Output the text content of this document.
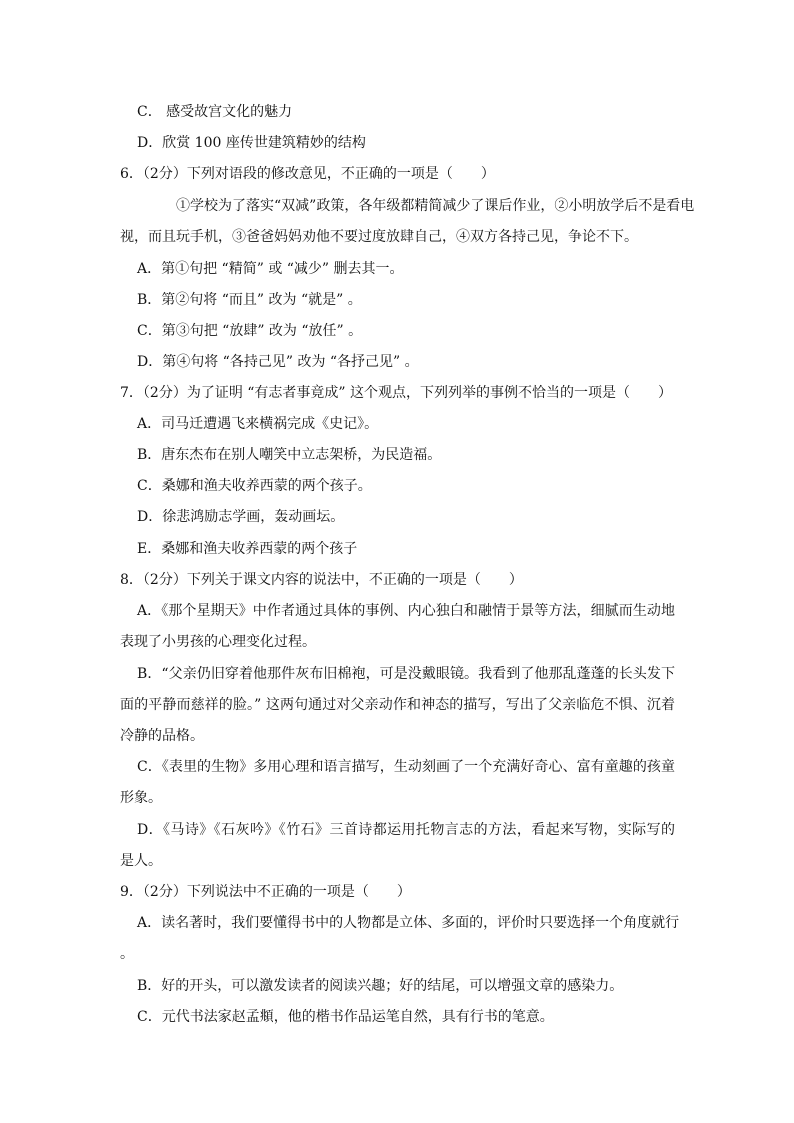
C． 感受故宫文化的魅力
D．欣赏 100 座传世建筑精妙的结构
6．（2分）下列对语段的修改意见，不正确的一项是（　　）
①学校为了落实“双减”政策，各年级都精简减少了课后作业，②小明放学后不是看电
视，而且玩手机，③爸爸妈妈劝他不要过度放肆自己，④双方各持己见，争论不下。
A．第①句把 “精简” 或 “减少” 删去其一。
B．第②句将 “而且” 改为 “就是” 。
C．第③句把 “放肆” 改为 “放任” 。
D．第④句将 “各持己见” 改为 “各抒己见” 。
7．（2分）为了证明 “有志者事竟成” 这个观点，下列列举的事例不恰当的一项是（　　）
A．司马迁遭遇飞来横祸完成《史记》。
B．唐东杰布在别人嘲笑中立志架桥，为民造福。
C．桑娜和渔夫收养西蒙的两个孩子。
D．徐悲鸿励志学画，轰动画坛。
E．桑娜和渔夫收养西蒙的两个孩子
8．（2分）下列关于课文内容的说法中，不正确的一项是（　　）
A．《那个星期天》中作者通过具体的事例、内心独白和融情于景等方法，细腻而生动地
表现了小男孩的心理变化过程。
B．“父亲仍旧穿着他那件灰布旧棉袍，可是没戴眼镜。我看到了他那乱蓬蓬的长头发下
面的平静而慈祥的脸。” 这两句通过对父亲动作和神态的描写，写出了父亲临危不惧、沉着
冷静的品格。
C．《表里的生物》多用心理和语言描写，生动刻画了一个充满好奇心、富有童趣的孩童
形象。
D．《马诗》《石灰吟》《竹石》三首诗都运用托物言志的方法，看起来写物，实际写的
是人。
9．（2分）下列说法中不正确的一项是（　　）
A．读名著时，我们要懂得书中的人物都是立体、多面的，评价时只要选择一个角度就行
。
B．好的开头，可以激发读者的阅读兴趣；好的结尾，可以增强文章的感染力。
C．元代书法家赵孟頫，他的楷书作品运笔自然，具有行书的笔意。
